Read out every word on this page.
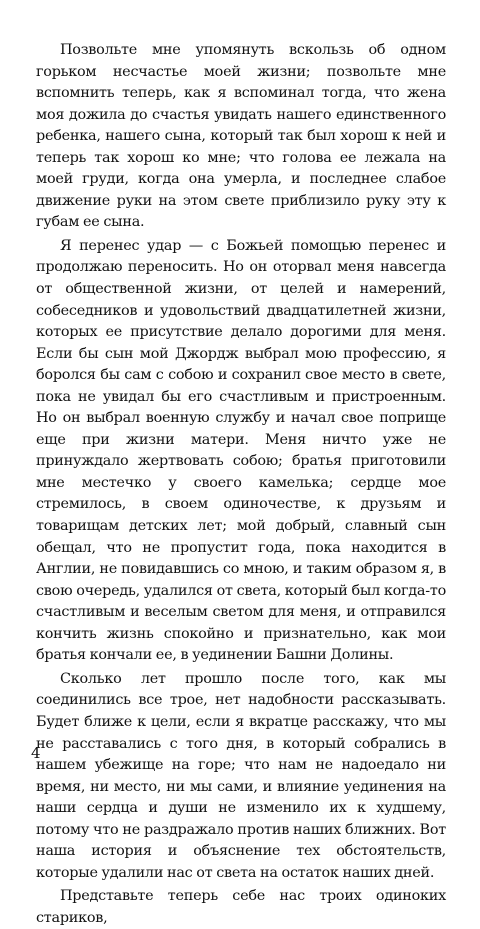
Позвольте мне упомянуть вскользь об одном горьком несчастье моей жизни; позвольте мне вспомнить теперь, как я вспоминал тогда, что жена моя дожила до счастья увидать нашего единственного ребенка, нашего сына, который так был хорош к ней и теперь так хорош ко мне; что голова ее лежала на моей груди, когда она умерла, и последнее слабое движение руки на этом свете приблизило руку эту к губам ее сына.

Я перенес удар — с Божьей помощью перенес и продолжаю переносить. Но он оторвал меня навсегда от общественной жизни, от целей и намерений, собеседников и удовольствий двадцатилетней жизни, которых ее присутствие делало дорогими для меня. Если бы сын мой Джордж выбрал мою профессию, я боролся бы сам с собою и сохранил свое место в свете, пока не увидал бы его счастливым и пристроенным. Но он выбрал военную службу и начал свое поприще еще при жизни матери. Меня ничто уже не принуждало жертвовать собою; братья приготовили мне местечко у своего камелька; сердце мое стремилось, в своем одиночестве, к друзьям и товарищам детских лет; мой добрый, славный сын обещал, что не пропустит года, пока находится в Англии, не повидавшись со мною, и таким образом я, в свою очередь, удалился от света, который был когда-то счастливым и веселым светом для меня, и отправился кончить жизнь спокойно и признательно, как мои братья кончали ее, в уединении Башни Долины.

Сколько лет прошло после того, как мы соединились все трое, нет надобности рассказывать. Будет ближе к цели, если я вкратце расскажу, что мы не расставались с того дня, в который собрались в нашем убежище на горе; что нам не надоедало ни время, ни место, ни мы сами, и влияние уединения на наши сердца и души не изменило их к худшему, потому что не раздражало против наших ближних. Вот наша история и объяснение тех обстоятельств, которые удалили нас от света на остаток наших дней.

Представьте теперь себе нас троих одиноких стариков,

4
